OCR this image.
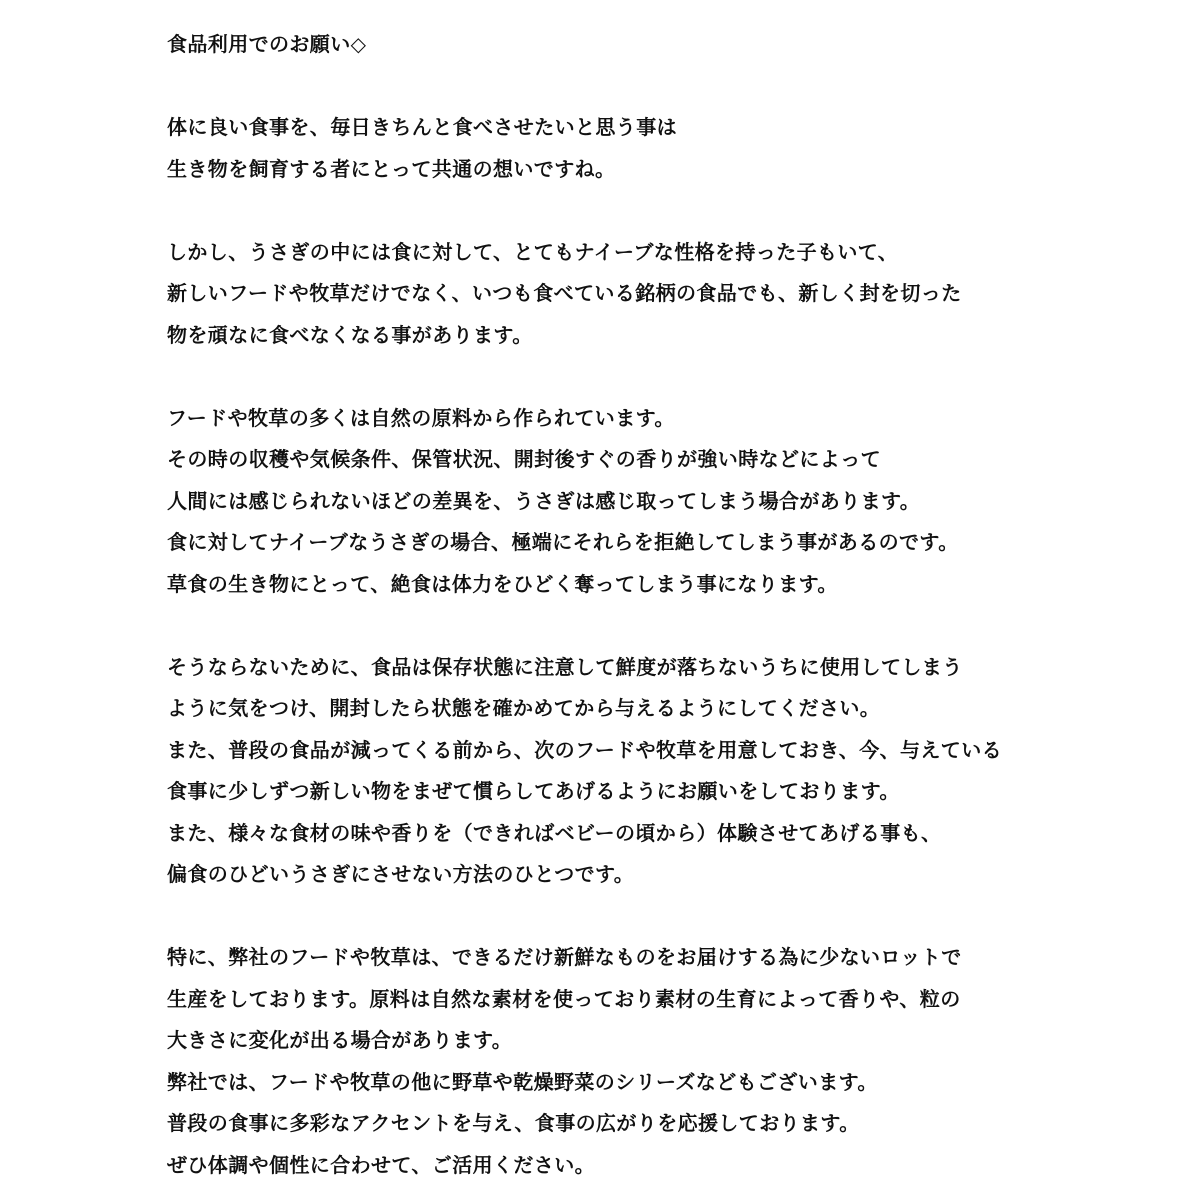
食品利用でのお願い◇
体に良い食事を、毎日きちんと食べさせたいと思う事は
生き物を飼育する者にとって共通の想いですね。
しかし、うさぎの中には食に対して、とてもナイーブな性格を持った子もいて、
新しいフードや牧草だけでなく、いつも食べている銘柄の食品でも、新しく封を切った
物を頑なに食べなくなる事があります。
フードや牧草の多くは自然の原料から作られています。
その時の収穫や気候条件、保管状況、開封後すぐの香りが強い時などによって
人間には感じられないほどの差異を、うさぎは感じ取ってしまう場合があります。
食に対してナイーブなうさぎの場合、極端にそれらを拒絶してしまう事があるのです。
草食の生き物にとって、絶食は体力をひどく奪ってしまう事になります。
そうならないために、食品は保存状態に注意して鮮度が落ちないうちに使用してしまう
ように気をつけ、開封したら状態を確かめてから与えるようにしてください。
また、普段の食品が減ってくる前から、次のフードや牧草を用意しておき、今、与えている
食事に少しずつ新しい物をまぜて慣らしてあげるようにお願いをしております。
また、様々な食材の味や香りを（できればベビーの頃から）体験させてあげる事も、
偏食のひどいうさぎにさせない方法のひとつです。
特に、弊社のフードや牧草は、できるだけ新鮮なものをお届けする為に少ないロットで
生産をしております。原料は自然な素材を使っており素材の生育によって香りや、粒の
大きさに変化が出る場合があります。
弊社では、フードや牧草の他に野草や乾燥野菜のシリーズなどもございます。
普段の食事に多彩なアクセントを与え、食事の広がりを応援しております。
ぜひ体調や個性に合わせて、ご活用ください。
